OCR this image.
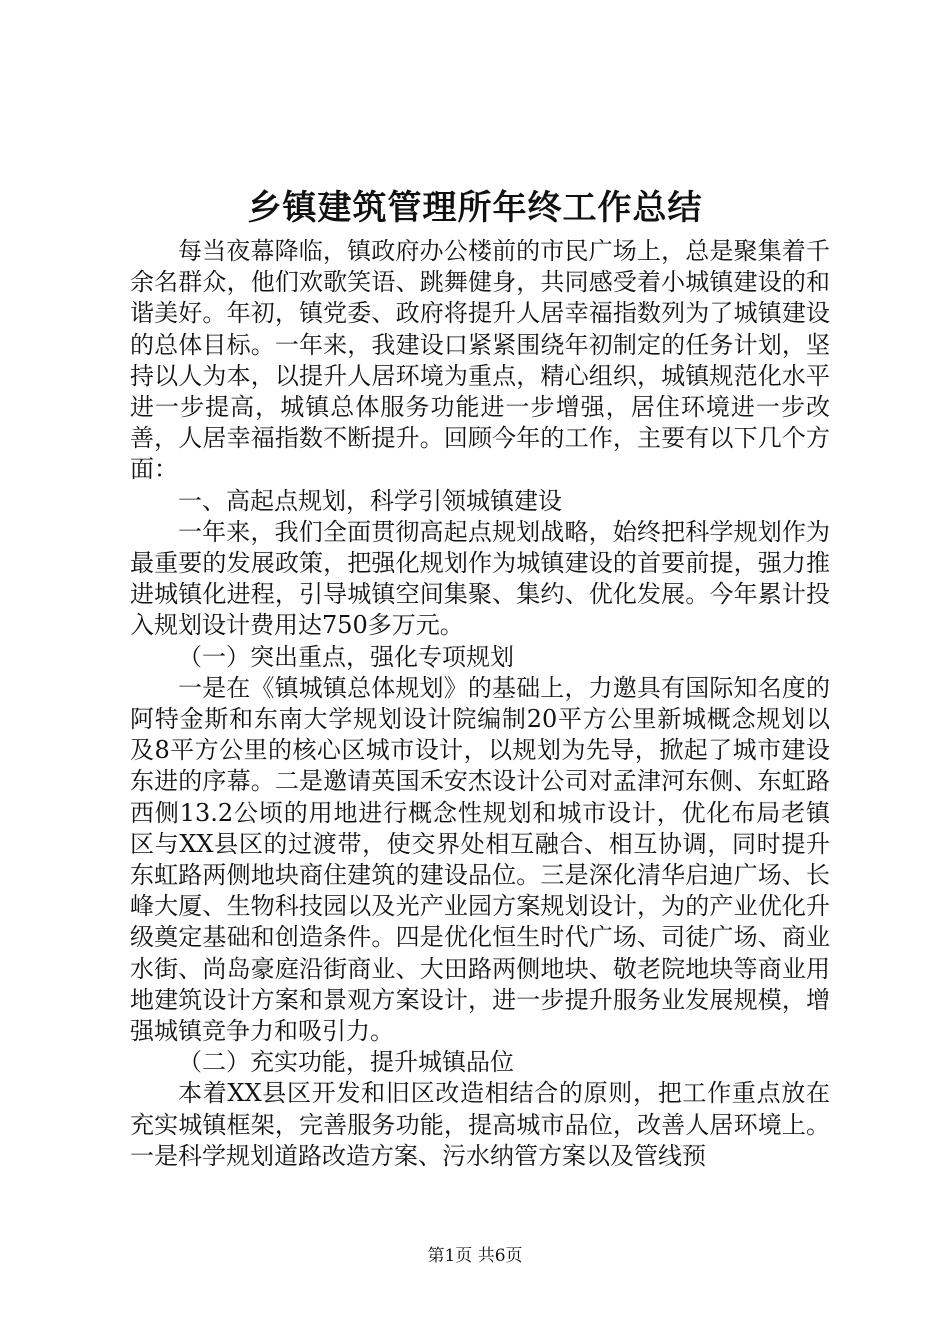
乡镇建筑管理所年终工作总结

每当夜幕降临，镇政府办公楼前的市民广场上，总是聚集着千余名群众，他们欢歌笑语、跳舞健身，共同感受着小城镇建设的和谐美好。年初，镇党委、政府将提升人居幸福指数列为了城镇建设的总体目标。一年来，我建设口紧紧围绕年初制定的任务计划，坚持以人为本，以提升人居环境为重点，精心组织，城镇规范化水平进一步提高，城镇总体服务功能进一步增强，居住环境进一步改善，人居幸福指数不断提升。回顾今年的工作，主要有以下几个方面：

一、高起点规划，科学引领城镇建设

一年来，我们全面贯彻高起点规划战略，始终把科学规划作为最重要的发展政策，把强化规划作为城镇建设的首要前提，强力推进城镇化进程，引导城镇空间集聚、集约、优化发展。今年累计投入规划设计费用达750多万元。

（一）突出重点，强化专项规划

一是在《镇城镇总体规划》的基础上，力邀具有国际知名度的阿特金斯和东南大学规划设计院编制20平方公里新城概念规划以及8平方公里的核心区城市设计，以规划为先导，掀起了城市建设东进的序幕。二是邀请英国禾安杰设计公司对孟津河东侧、东虹路西侧13.2公顷的用地进行概念性规划和城市设计，优化布局老镇区与XX县区的过渡带，使交界处相互融合、相互协调，同时提升东虹路两侧地块商住建筑的建设品位。三是深化清华启迪广场、长峰大厦、生物科技园以及光产业园方案规划设计，为的产业优化升级奠定基础和创造条件。四是优化恒生时代广场、司徒广场、商业水街、尚岛豪庭沿街商业、大田路两侧地块、敬老院地块等商业用地建筑设计方案和景观方案设计，进一步提升服务业发展规模，增强城镇竞争力和吸引力。

（二）充实功能，提升城镇品位

本着XX县区开发和旧区改造相结合的原则，把工作重点放在充实城镇框架，完善服务功能，提高城市品位，改善人居环境上。一是科学规划道路改造方案、污水纳管方案以及管线预

第1页 共6页
